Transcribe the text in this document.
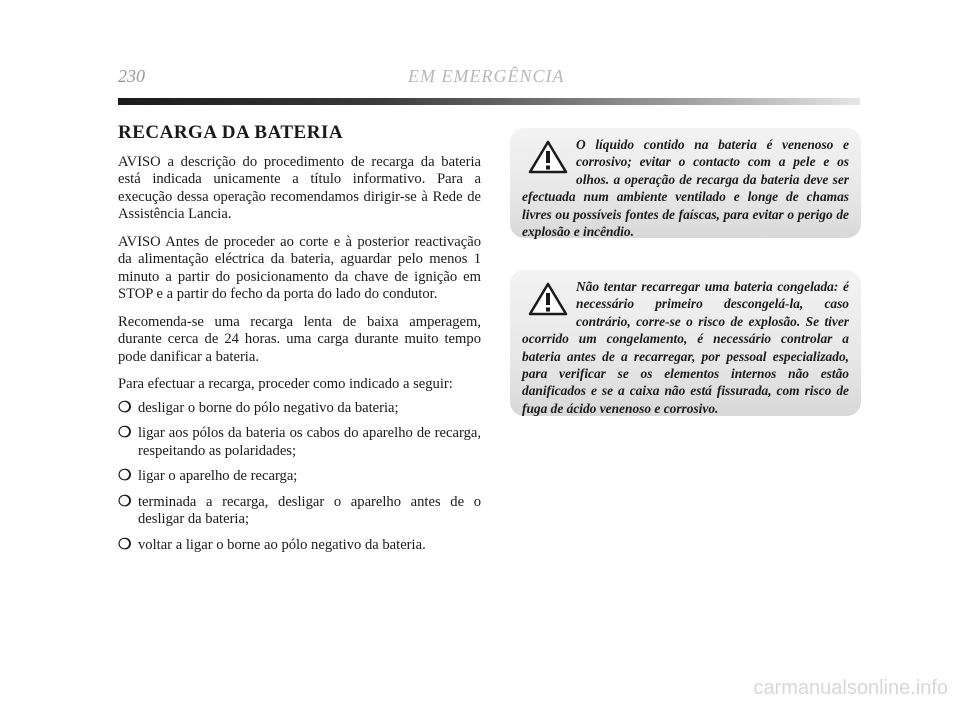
230	EM EMERGÊNCIA
RECARGA DA BATERIA

AVISO a descrição do procedimento de recarga da bateria está indicada unicamente a título informativo. Para a execução dessa operação recomendamos dirigir-se à Rede de Assistência Lancia.

AVISO Antes de proceder ao corte e à posterior reactivação da alimentação eléctrica da bateria, aguardar pelo menos 1 minuto a partir do posicionamento da chave de ignição em STOP e a partir do fecho da porta do lado do condutor.

Recomenda-se uma recarga lenta de baixa amperagem, durante cerca de 24 horas. uma carga durante muito tempo pode danificar a bateria.

Para efectuar a recarga, proceder como indicado a seguir:

❍ desligar o borne do pólo negativo da bateria;
❍ ligar aos pólos da bateria os cabos do aparelho de recarga, respeitando as polaridades;
❍ ligar o aparelho de recarga;
❍ terminada a recarga, desligar o aparelho antes de o desligar da bateria;
❍ voltar a ligar o borne ao pólo negativo da bateria.
O líquido contido na bateria é venenoso e corrosivo; evitar o contacto com a pele e os olhos. a operação de recarga da bateria deve ser efectuada num ambiente ventilado e longe de chamas livres ou possíveis fontes de faíscas, para evitar o perigo de explosão e incêndio.
Não tentar recarregar uma bateria congelada: é necessário primeiro descongelá-la, caso contrário, corre-se o risco de explosão. Se tiver ocorrido um congelamento, é necessário controlar a bateria antes de a recarregar, por pessoal especializado, para verificar se os elementos internos não estão danificados e se a caixa não está fissurada, com risco de fuga de ácido venenoso e corrosivo.
carmanualsonline.info
